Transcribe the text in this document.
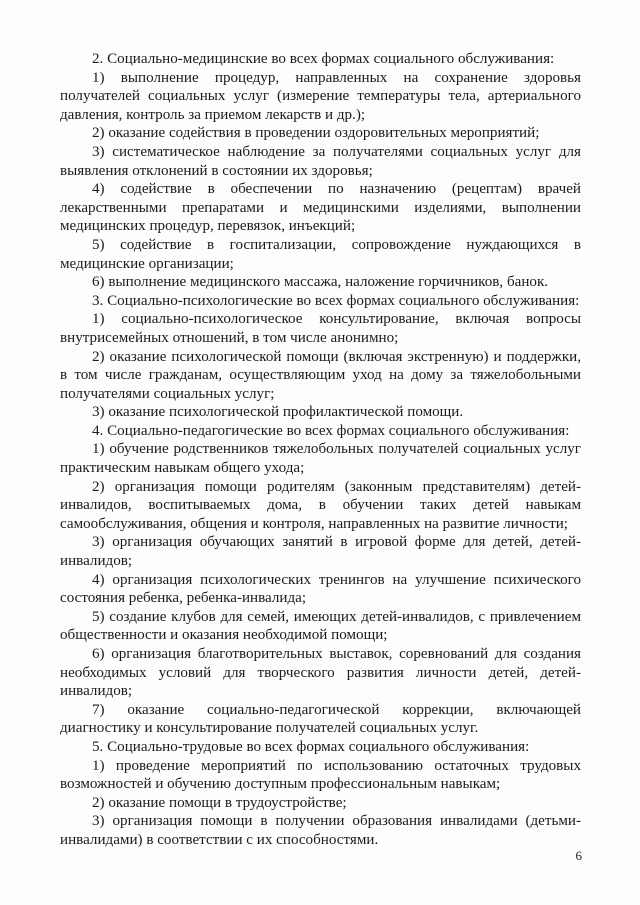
2. Социально-медицинские во всех формах социального обслуживания:

1) выполнение процедур, направленных на сохранение здоровья получателей социальных услуг (измерение температуры тела, артериального давления, контроль за приемом лекарств и др.);

2) оказание содействия в проведении оздоровительных мероприятий;

3) систематическое наблюдение за получателями социальных услуг для выявления отклонений в состоянии их здоровья;

4) содействие в обеспечении по назначению (рецептам) врачей лекарственными препаратами и медицинскими изделиями, выполнении медицинских процедур, перевязок, инъекций;

5) содействие в госпитализации, сопровождение нуждающихся в медицинские организации;

6) выполнение медицинского массажа, наложение горчичников, банок.

3. Социально-психологические во всех формах социального обслуживания:

1) социально-психологическое консультирование, включая вопросы внутрисемейных отношений, в том числе анонимно;

2) оказание психологической помощи (включая экстренную) и поддержки, в том числе гражданам, осуществляющим уход на дому за тяжелобольными получателями социальных услуг;

3) оказание психологической профилактической помощи.

4. Социально-педагогические во всех формах социального обслуживания:

1) обучение родственников тяжелобольных получателей социальных услуг практическим навыкам общего ухода;

2) организация помощи родителям (законным представителям) детей-инвалидов, воспитываемых дома, в обучении таких детей навыкам самообслуживания, общения и контроля, направленных на развитие личности;

3) организация обучающих занятий в игровой форме для детей, детей-инвалидов;

4) организация психологических тренингов на улучшение психического состояния ребенка, ребенка-инвалида;

5) создание клубов для семей, имеющих детей-инвалидов, с привлечением общественности и оказания необходимой помощи;

6) организация благотворительных выставок, соревнований для создания необходимых условий для творческого развития личности детей, детей-инвалидов;

7) оказание социально-педагогической коррекции, включающей диагностику и консультирование получателей социальных услуг.

5. Социально-трудовые во всех формах социального обслуживания:

1) проведение мероприятий по использованию остаточных трудовых возможностей и обучению доступным профессиональным навыкам;

2) оказание помощи в трудоустройстве;

3) организация помощи в получении образования инвалидами (детьми-инвалидами) в соответствии с их способностями.

6
